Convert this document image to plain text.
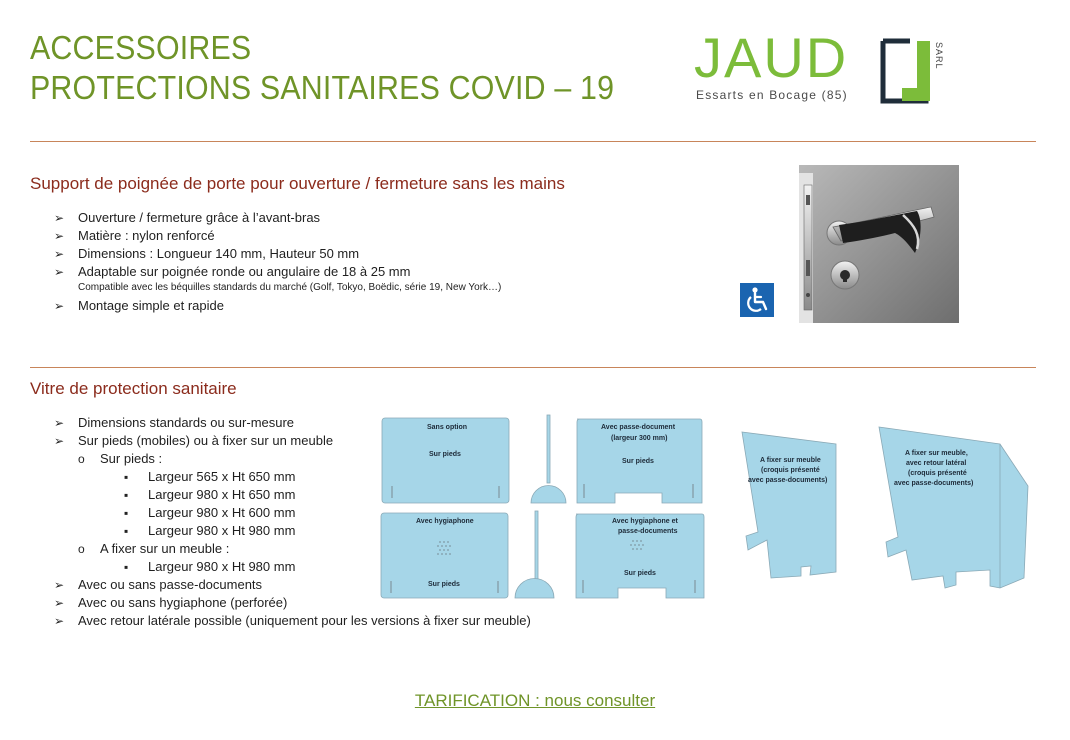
ACCESSOIRES
PROTECTIONS SANITAIRES COVID – 19 JAUD
Essarts en Bocage (85)
SARL
Support de poignée de porte pour ouverture / fermeture sans les mains
➢ Ouverture / fermeture grâce à l’avant-bras
➢ Matière : nylon renforcé
➢ Dimensions : Longueur 140 mm, Hauteur 50 mm
➢ Adaptable sur poignée ronde ou angulaire de 18 à 25 mm
Compatible avec les béquilles standards du marché (Golf, Tokyo, Boëdic, série 19, New York…)
➢ Montage simple et rapide
Vitre de protection sanitaire
➢ Dimensions standards ou sur-mesure
➢ Sur pieds (mobiles) ou à fixer sur un meuble
o Sur pieds :
▪ Largeur 565 x Ht 650 mm
▪ Largeur 980 x Ht 650 mm
▪ Largeur 980 x Ht 600 mm
▪ Largeur 980 x Ht 980 mm
o A fixer sur un meuble :
▪ Largeur 980 x Ht 980 mm
➢ Avec ou sans passe-documents
➢ Avec ou sans hygiaphone (perforée)
➢ Avec retour latérale possible (uniquement pour les versions à fixer sur meuble)
Sans option
Sur pieds
Avec passe-document
(largeur 300 mm)
Sur pieds
Avec hygiaphone
Sur pieds
Avec hygiaphone et
passe-documents
Sur pieds
A fixer sur meuble
(croquis présenté
avec passe-documents)
A fixer sur meuble,
avec retour latéral
(croquis présenté
avec passe-documents)
TARIFICATION : nous consulter
